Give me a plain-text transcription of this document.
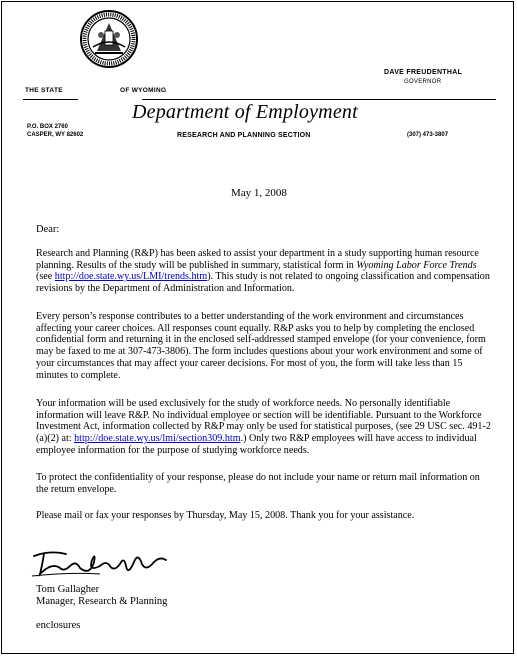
THE STATE	OF WYOMING
DAVE FREUDENTHAL
GOVERNOR
Department of Employment
P.O. BOX 2760
CASPER, WY 82602	RESEARCH AND PLANNING SECTION	(307) 473-3807
May 1, 2008
Dear:
Research and Planning (R&P) has been asked to assist your department in a study supporting human resource planning. Results of the study will be published in summary, statistical form in Wyoming Labor Force Trends (see http://doe.state.wy.us/LMI/trends.htm). This study is not related to ongoing classification and compensation revisions by the Department of Administration and Information.
Every person’s response contributes to a better understanding of the work environment and circumstances affecting your career choices. All responses count equally. R&P asks you to help by completing the enclosed confidential form and returning it in the enclosed self-addressed stamped envelope (for your convenience, form may be faxed to me at 307-473-3806). The form includes questions about your work environment and some of your circumstances that may affect your career decisions. For most of you, the form will take less than 15 minutes to complete.
Your information will be used exclusively for the study of workforce needs. No personally identifiable information will leave R&P. No individual employee or section will be identifiable. Pursuant to the Workforce Investment Act, information collected by R&P may only be used for statistical purposes, (see 29 USC sec. 491-2 (a)(2) at: http://doe.state.wy.us/lmi/section309.htm.) Only two R&P employees will have access to individual employee information for the purpose of studying workforce needs.
To protect the confidentiality of your response, please do not include your name or return mail information on the return envelope.
Please mail or fax your responses by Thursday, May 15, 2008. Thank you for your assistance.
Tom Gallagher
Manager, Research & Planning
enclosures
